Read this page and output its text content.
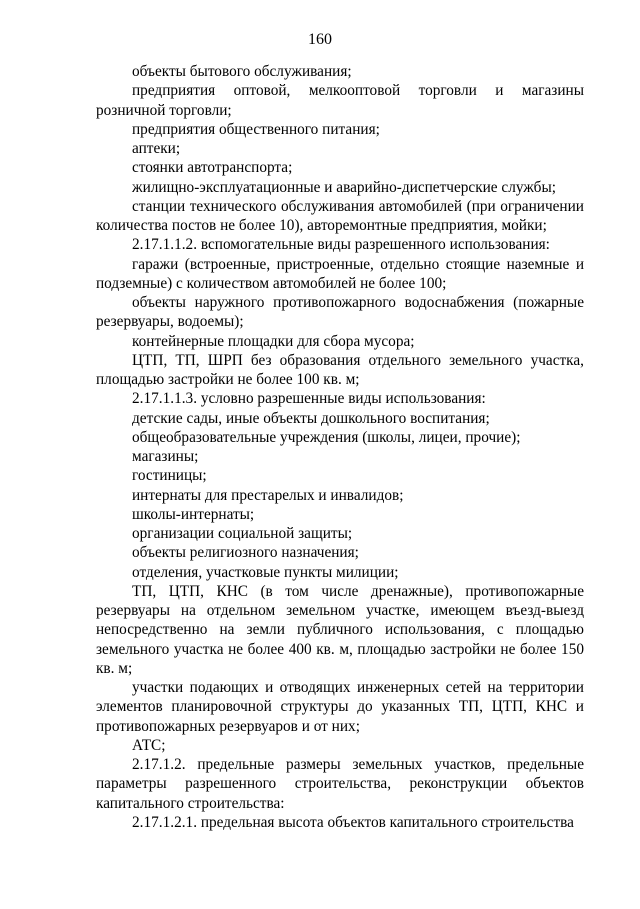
160

объекты бытового обслуживания;

предприятия оптовой, мелкооптовой торговли и магазины розничной торговли;

предприятия общественного питания;

аптеки;

стоянки автотранспорта;

жилищно-эксплуатационные и аварийно-диспетчерские службы;

станции технического обслуживания автомобилей (при ограничении количества постов не более 10), авторемонтные предприятия, мойки;

2.17.1.1.2. вспомогательные виды разрешенного использования:

гаражи (встроенные, пристроенные, отдельно стоящие наземные и подземные) с количеством автомобилей не более 100;

объекты наружного противопожарного водоснабжения (пожарные резервуары, водоемы);

контейнерные площадки для сбора мусора;

ЦТП, ТП, ШРП без образования отдельного земельного участка, площадью застройки не более 100 кв. м;

2.17.1.1.3. условно разрешенные виды использования:

детские сады, иные объекты дошкольного воспитания;

общеобразовательные учреждения (школы, лицеи, прочие);

магазины;

гостиницы;

интернаты для престарелых и инвалидов;

школы-интернаты;

организации социальной защиты;

объекты религиозного назначения;

отделения, участковые пункты милиции;

ТП, ЦТП, КНС (в том числе дренажные), противопожарные резервуары на отдельном земельном участке, имеющем въезд-выезд непосредственно на земли публичного использования, с площадью земельного участка не более 400 кв. м, площадью застройки не более 150 кв. м;

участки подающих и отводящих инженерных сетей на территории элементов планировочной структуры до указанных ТП, ЦТП, КНС и противопожарных резервуаров и от них;

АТС;

2.17.1.2. предельные размеры земельных участков, предельные параметры разрешенного строительства, реконструкции объектов капитального строительства:

2.17.1.2.1. предельная высота объектов капитального строительства
